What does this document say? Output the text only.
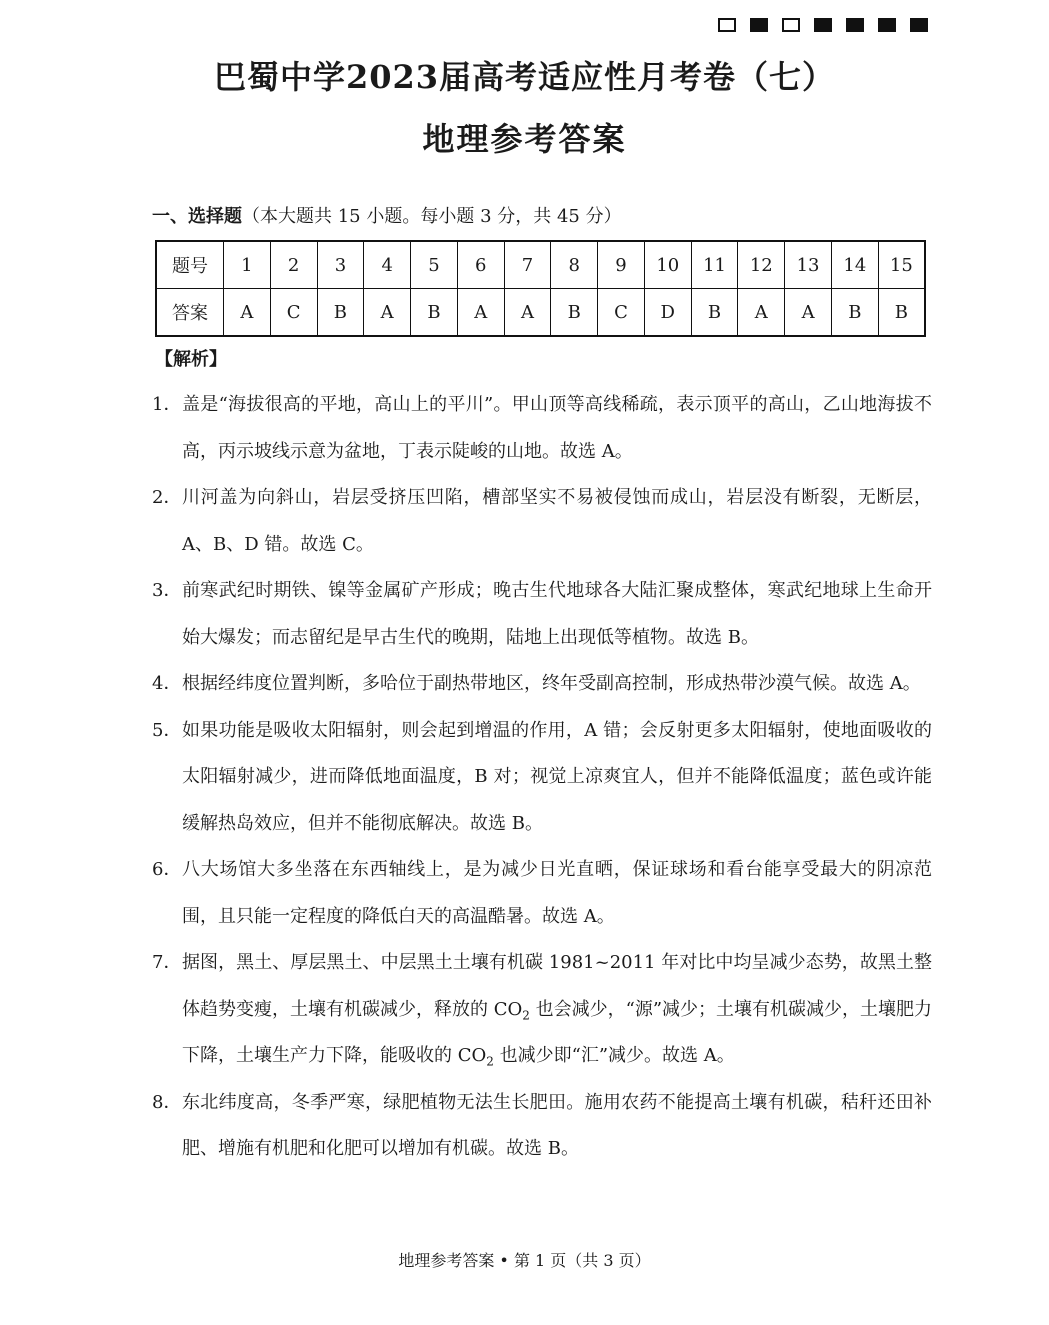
巴蜀中学2023届高考适应性月考卷（七）
地理参考答案
一、选择题（本大题共 15 小题。每小题 3 分，共 45 分）
题号	1	2	3	4	5	6	7	8	9	10	11	12	13	14	15
答案	A	C	B	A	B	A	A	B	C	D	B	A	A	B	B
【解析】
1． 盖是“海拔很高的平地，高山上的平川”。甲山顶等高线稀疏，表示顶平的高山，乙山地海拔不高，丙示坡线示意为盆地，丁表示陡峻的山地。故选 A。
2． 川河盖为向斜山，岩层受挤压凹陷，槽部坚实不易被侵蚀而成山，岩层没有断裂，无断层，A、B、D 错。故选 C。
3． 前寒武纪时期铁、镍等金属矿产形成；晚古生代地球各大陆汇聚成整体，寒武纪地球上生命开始大爆发；而志留纪是早古生代的晚期，陆地上出现低等植物。故选 B。
4． 根据经纬度位置判断，多哈位于副热带地区，终年受副高控制，形成热带沙漠气候。故选 A。
5． 如果功能是吸收太阳辐射，则会起到增温的作用，A 错；会反射更多太阳辐射，使地面吸收的太阳辐射减少，进而降低地面温度，B 对；视觉上凉爽宜人，但并不能降低温度；蓝色或许能缓解热岛效应，但并不能彻底解决。故选 B。
6． 八大场馆大多坐落在东西轴线上，是为减少日光直晒，保证球场和看台能享受最大的阴凉范围，且只能一定程度的降低白天的高温酷暑。故选 A。
7． 据图，黑土、厚层黑土、中层黑土土壤有机碳 1981~2011 年对比中均呈减少态势，故黑土整体趋势变瘦，土壤有机碳减少，释放的 $CO_2$ 也会减少，“源”减少；土壤有机碳减少，土壤肥力下降，土壤生产力下降，能吸收的 $CO_2$ 也减少即“汇”减少。故选 A。
8． 东北纬度高，冬季严寒，绿肥植物无法生长肥田。施用农药不能提高土壤有机碳，秸秆还田补肥、增施有机肥和化肥可以增加有机碳。故选 B。
地理参考答案 • 第 1 页（共 3 页）
